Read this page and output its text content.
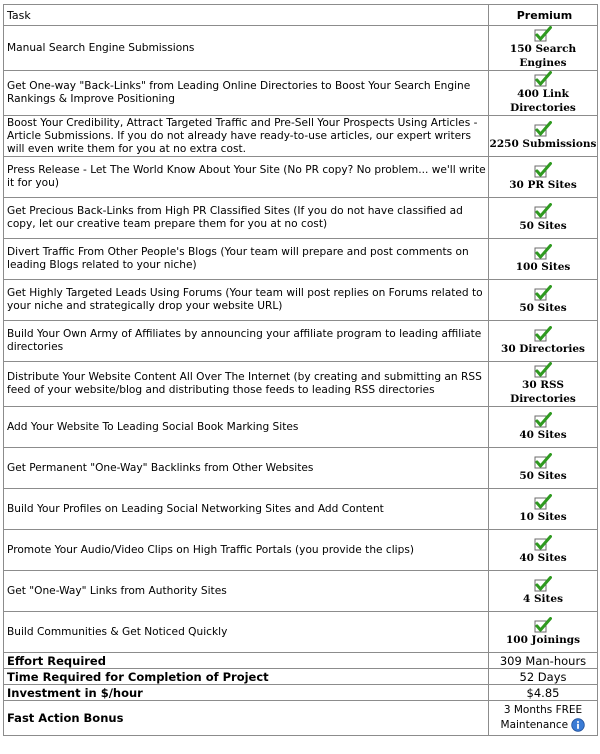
Task	Premium
Manual Search Engine Submissions	150 Search Engines
Get One-way "Back-Links" from Leading Online Directories to Boost Your Search Engine Rankings & Improve Positioning	400 Link Directories
Boost Your Credibility, Attract Targeted Traffic and Pre-Sell Your Prospects Using Articles - Article Submissions. If you do not already have ready-to-use articles, our expert writers will even write them for you at no extra cost.	2250 Submissions
Press Release - Let The World Know About Your Site (No PR copy? No problem... we'll write it for you)	30 PR Sites
Get Precious Back-Links from High PR Classified Sites (If you do not have classified ad copy, let our creative team prepare them for you at no cost)	50 Sites
Divert Traffic From Other People's Blogs (Your team will prepare and post comments on leading Blogs related to your niche)	100 Sites
Get Highly Targeted Leads Using Forums (Your team will post replies on Forums related to your niche and strategically drop your website URL)	50 Sites
Build Your Own Army of Affiliates by announcing your affiliate program to leading affiliate directories	30 Directories
Distribute Your Website Content All Over The Internet (by creating and submitting an RSS feed of your website/blog and distributing those feeds to leading RSS directories	30 RSS Directories
Add Your Website To Leading Social Book Marking Sites	40 Sites
Get Permanent "One-Way" Backlinks from Other Websites	50 Sites
Build Your Profiles on Leading Social Networking Sites and Add Content	10 Sites
Promote Your Audio/Video Clips on High Traffic Portals (you provide the clips)	40 Sites
Get "One-Way" Links from Authority Sites	4 Sites
Build Communities & Get Noticed Quickly	100 Joinings
Effort Required	309 Man-hours
Time Required for Completion of Project	52 Days
Investment in $/hour	$4.85
Fast Action Bonus	3 Months FREE Maintenance
